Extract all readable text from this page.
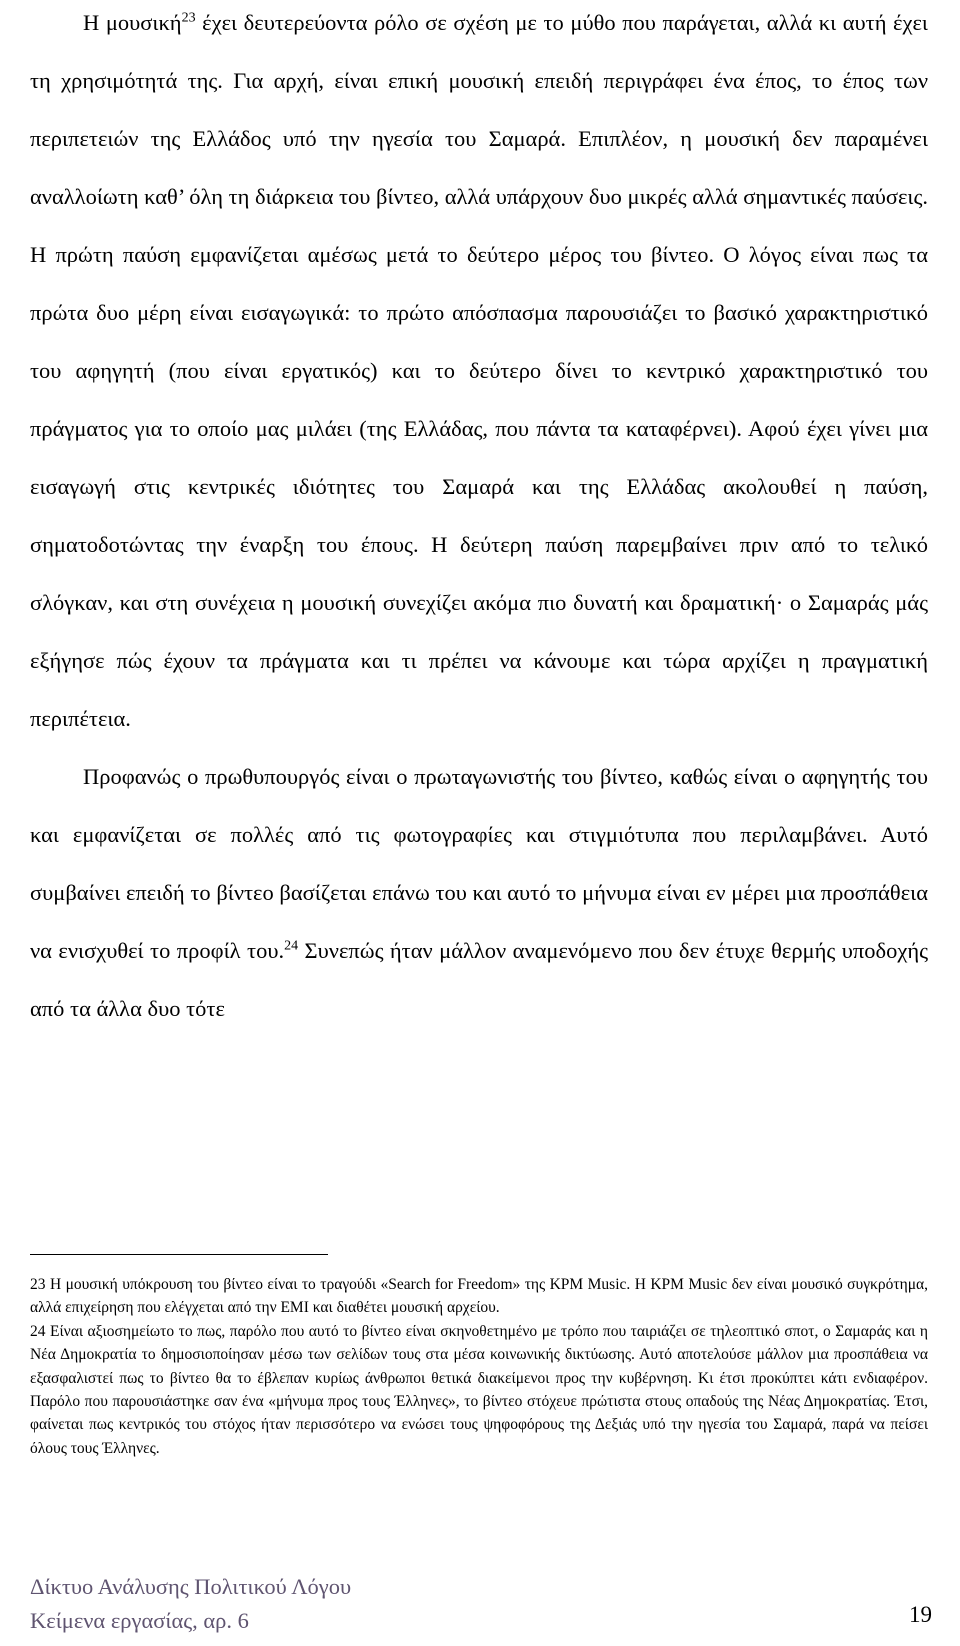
Η μουσική$^{23}$ έχει δευτερεύοντα ρόλο σε σχέση με το μύθο που παράγεται, αλλά κι αυτή έχει τη χρησιμότητά της. Για αρχή, είναι επική μουσική επειδή περιγράφει ένα έπος, το έπος των περιπετειών της Ελλάδος υπό την ηγεσία του Σαμαρά. Επιπλέον, η μουσική δεν παραμένει αναλλοίωτη καθ’ όλη τη διάρκεια του βίντεο, αλλά υπάρχουν δυο μικρές αλλά σημαντικές παύσεις. Η πρώτη παύση εμφανίζεται αμέσως μετά το δεύτερο μέρος του βίντεο. Ο λόγος είναι πως τα πρώτα δυο μέρη είναι εισαγωγικά: το πρώτο απόσπασμα παρουσιάζει το βασικό χαρακτηριστικό του αφηγητή (που είναι εργατικός) και το δεύτερο δίνει το κεντρικό χαρακτηριστικό του πράγματος για το οποίο μας μιλάει (της Ελλάδας, που πάντα τα καταφέρνει). Αφού έχει γίνει μια εισαγωγή στις κεντρικές ιδιότητες του Σαμαρά και της Ελλάδας ακολουθεί η παύση, σηματοδοτώντας την έναρξη του έπους. Η δεύτερη παύση παρεμβαίνει πριν από το τελικό σλόγκαν, και στη συνέχεια η μουσική συνεχίζει ακόμα πιο δυνατή και δραματική· ο Σαμαράς μάς εξήγησε πώς έχουν τα πράγματα και τι πρέπει να κάνουμε και τώρα αρχίζει η πραγματική περιπέτεια.

Προφανώς ο πρωθυπουργός είναι ο πρωταγωνιστής του βίντεο, καθώς είναι ο αφηγητής του και εμφανίζεται σε πολλές από τις φωτογραφίες και στιγμιότυπα που περιλαμβάνει. Αυτό συμβαίνει επειδή το βίντεο βασίζεται επάνω του και αυτό το μήνυμα είναι εν μέρει μια προσπάθεια να ενισχυθεί το προφίλ του.$^{24}$ Συνεπώς ήταν μάλλον αναμενόμενο που δεν έτυχε θερμής υποδοχής από τα άλλα δυο τότε

23 Η μουσική υπόκρουση του βίντεο είναι το τραγούδι «Search for Freedom» της KPM Music. Η KPM Music δεν είναι μουσικό συγκρότημα, αλλά επιχείρηση που ελέγχεται από την EMI και διαθέτει μουσική αρχείου.

24 Είναι αξιοσημείωτο το πως, παρόλο που αυτό το βίντεο είναι σκηνοθετημένο με τρόπο που ταιριάζει σε τηλεοπτικό σποτ, ο Σαμαράς και η Νέα Δημοκρατία το δημοσιοποίησαν μέσω των σελίδων τους στα μέσα κοινωνικής δικτύωσης. Αυτό αποτελούσε μάλλον μια προσπάθεια να εξασφαλιστεί πως το βίντεο θα το έβλεπαν κυρίως άνθρωποι θετικά διακείμενοι προς την κυβέρνηση. Κι έτσι προκύπτει κάτι ενδιαφέρον. Παρόλο που παρουσιάστηκε σαν ένα «μήνυμα προς τους Έλληνες», το βίντεο στόχευε πρώτιστα στους οπαδούς της Νέας Δημοκρατίας. Έτσι, φαίνεται πως κεντρικός του στόχος ήταν περισσότερο να ενώσει τους ψηφοφόρους της Δεξιάς υπό την ηγεσία του Σαμαρά, παρά να πείσει όλους τους Έλληνες.

Δίκτυο Ανάλυσης Πολιτικού Λόγου
Κείμενα εργασίας, αρ. 6	19
